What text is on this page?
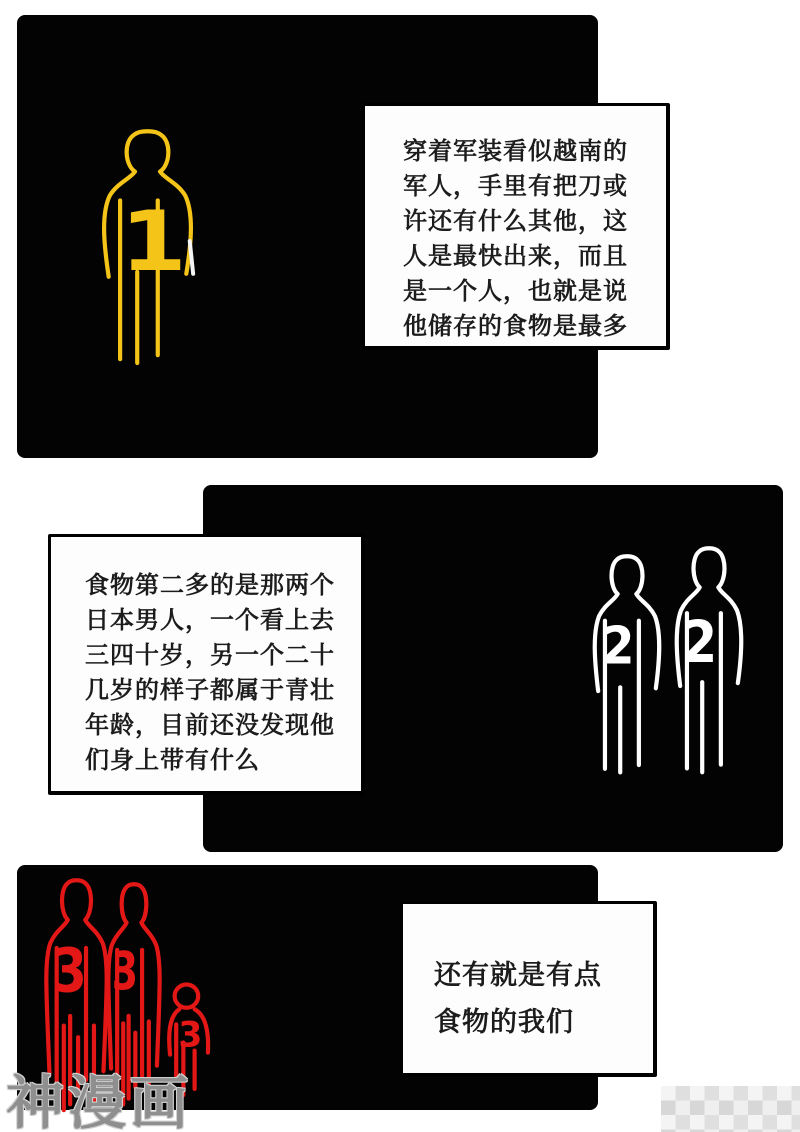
1
2 2
3 3
3
穿着军装看似越南的
军人，手里有把刀或
许还有什么其他，这
人是最快出来，而且
是一个人，也就是说
他储存的食物是最多
食物第二多的是那两个
日本男人，一个看上去
三四十岁，另一个二十
几岁的样子都属于青壮
年龄，目前还没发现他
们身上带有什么
还有就是有点
食物的我们
神漫画
